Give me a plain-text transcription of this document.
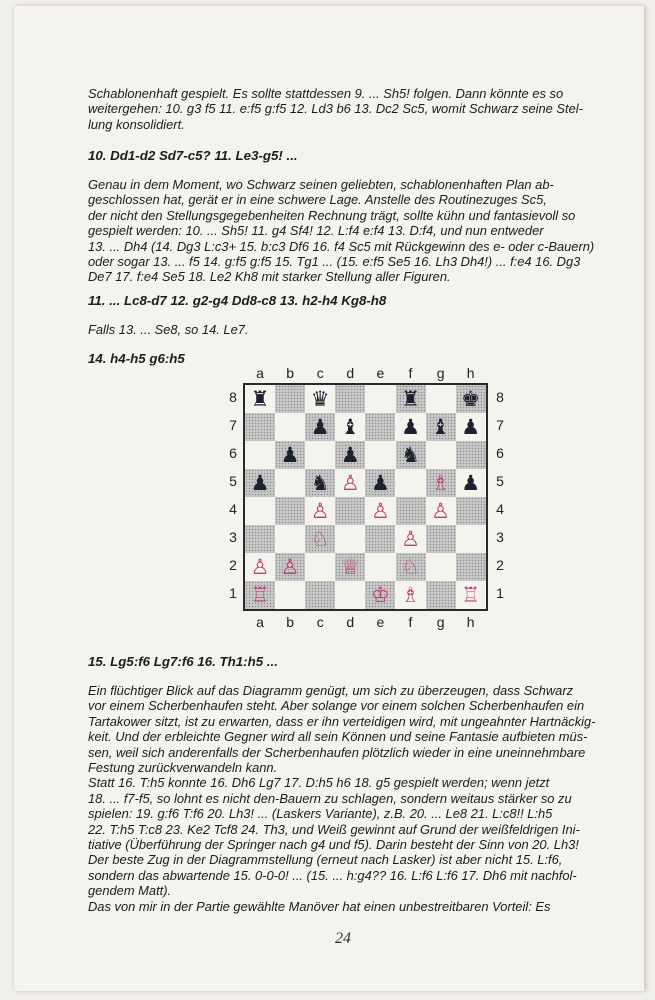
Schablonenhaft gespielt. Es sollte stattdessen 9. ... Sh5! folgen. Dann könnte es so
weitergehen: 10. g3 f5 11. e:f5 g:f5 12. Ld3 b6 13. Dc2 Sc5, womit Schwarz seine Stel-
lung konsolidiert.
10. Dd1-d2 Sd7-c5? 11. Le3-g5! ...
Genau in dem Moment, wo Schwarz seinen geliebten, schablonenhaften Plan ab-
geschlossen hat, gerät er in eine schwere Lage. Anstelle des Routinezuges Sc5,
der nicht den Stellungsgegebenheiten Rechnung trägt, sollte kühn und fantasievoll so
gespielt werden: 10. ... Sh5! 11. g4 Sf4! 12. L:f4 e:f4 13. D:f4, und nun entweder
13. ... Dh4 (14. Dg3 L:c3+ 15. b:c3 Df6 16. f4 Sc5 mit Rückgewinn des e- oder c-Bauern)
oder sogar 13. ... f5 14. g:f5 g:f5 15. Tg1 ... (15. e:f5 Se5 16. Lh3 Dh4!) ... f:e4 16. Dg3
De7 17. f:e4 Se5 18. Le2 Kh8 mit starker Stellung aller Figuren.
11. ... Lc8-d7 12. g2-g4 Dd8-c8 13. h2-h4 Kg8-h8
Falls 13. ... Se8, so 14. Le7.
14. h4-h5 g6:h5
15. Lg5:f6 Lg7:f6 16. Th1:h5 ...
Ein flüchtiger Blick auf das Diagramm genügt, um sich zu überzeugen, dass Schwarz
vor einem Scherbenhaufen steht. Aber solange vor einem solchen Scherbenhaufen ein
Tartakower sitzt, ist zu erwarten, dass er ihn verteidigen wird, mit ungeahnter Hartnäckig-
keit. Und der erbleichte Gegner wird all sein Können und seine Fantasie aufbieten müs-
sen, weil sich anderenfalls der Scherbenhaufen plötzlich wieder in eine uneinnehmbare
Festung zurückverwandeln kann.
Statt 16. T:h5 konnte 16. Dh6 Lg7 17. D:h5 h6 18. g5 gespielt werden; wenn jetzt
18. ... f7-f5, so lohnt es nicht den-Bauern zu schlagen, sondern weitaus stärker so zu
spielen: 19. g:f6 T:f6 20. Lh3! ... (Laskers Variante), z.B. 20. ... Le8 21. L:c8!! L:h5
22. T:h5 T:c8 23. Ke2 Tcf8 24. Th3, und Weiß gewinnt auf Grund der weißfeldrigen Ini-
tiative (Überführung der Springer nach g4 und f5). Darin besteht der Sinn von 20. Lh3!
Der beste Zug in der Diagrammstellung (erneut nach Lasker) ist aber nicht 15. L:f6,
sondern das abwartende 15. 0-0-0! ... (15. ... h:g4?? 16. L:f6 L:f6 17. Dh6 mit nachfol-
gendem Matt).
Das von mir in der Partie gewählte Manöver hat einen unbestreitbaren Vorteil: Es
♜ ♛	♜ ♚
♟ ♝ ♟ ♝ ♟
♟ ♟ ♞
♟ ♞ ♙ ♟ ♗ ♟
♙ ♙ ♙
♘	♙
♙ ♙ ♕ ♘
♖	♔ ♗ ♖
a
a
b
b
c
c
d
d
e
e
f
f
g
g
h
h
8	8
7	7
6	6
5	5
4	4
3	3
2	2
1	1
24
